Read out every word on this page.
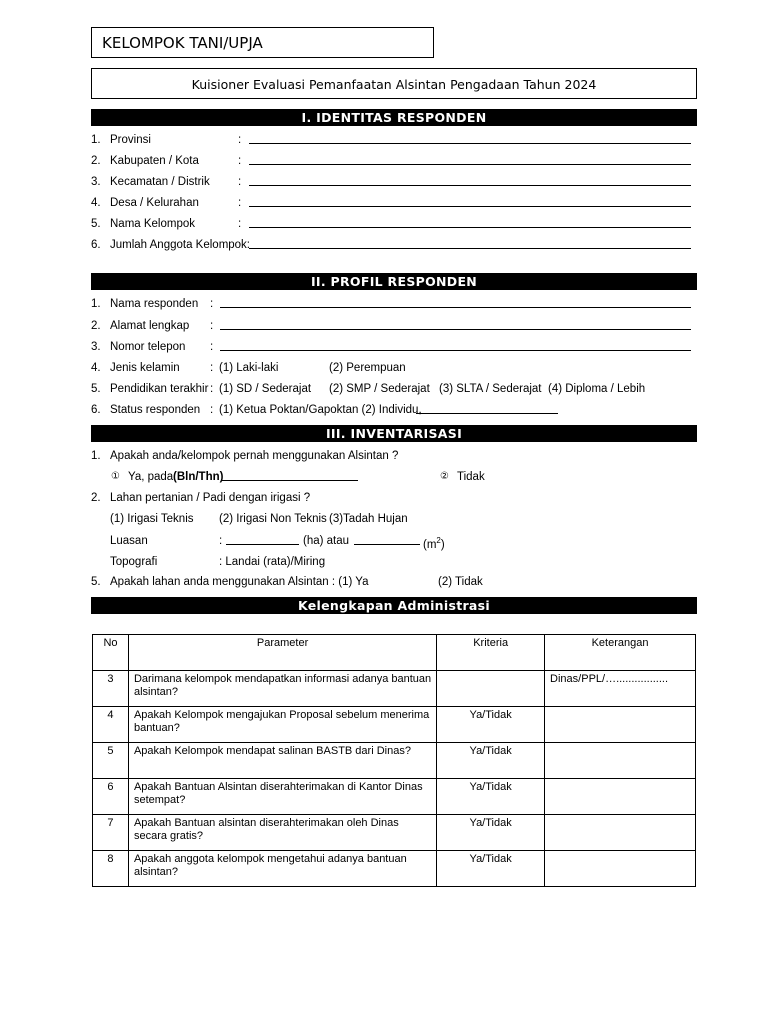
KELOMPOK TANI/UPJA
Kuisioner Evaluasi Pemanfaatan Alsintan Pengadaan Tahun 2024
I. IDENTITAS RESPONDEN
1. Provinsi	:
2. Kabupaten / Kota	:
3. Kecamatan / Distrik :
4. Desa / Kelurahan	:
5. Nama Kelompok	:
6. Jumlah Anggota Kelompok:
II. PROFIL RESPONDEN
1. Nama responden :
2. Alamat lengkap :
3. Nomor telepon :
4. Jenis kelamin	: (1) Laki-laki	(2) Perempuan
5. Pendidikan terakhir : (1) SD / Sederajat (2) SMP / Sederajat (3) SLTA / Sederajat (4) Diploma / Lebih
6. Status responden : (1) Ketua Poktan/Gapoktan (2) Individu,
III. INVENTARISASI
1. Apakah anda/kelompok pernah menggunakan Alsintan ?
① Ya, pada (Bln/Thn)	② Tidak
2. Lahan pertanian / Padi dengan irigasi ?
(1) Irigasi Teknis (2) Irigasi Non Teknis (3)Tadah Hujan
Luasan	:	(ha) atau	$(m^2)$
Topografi	: Landai (rata)/Miring
5. Apakah lahan anda menggunakan Alsintan : (1) Ya	(2) Tidak
Kelengkapan Administrasi
No	Parameter	Kriteria	Keterangan
3	Darimana kelompok mendapatkan informasi adanya bantuan alsintan?		Dinas/PPL/….................
4	Apakah Kelompok mengajukan Proposal sebelum menerima bantuan?	Ya/Tidak	
5	Apakah Kelompok mendapat salinan BASTB dari Dinas?	Ya/Tidak	
6	Apakah Bantuan Alsintan diserahterimakan di Kantor Dinas setempat?	Ya/Tidak	
7	Apakah Bantuan alsintan diserahterimakan oleh Dinas secara gratis?	Ya/Tidak	
8	Apakah anggota kelompok mengetahui adanya bantuan alsintan?	Ya/Tidak	
